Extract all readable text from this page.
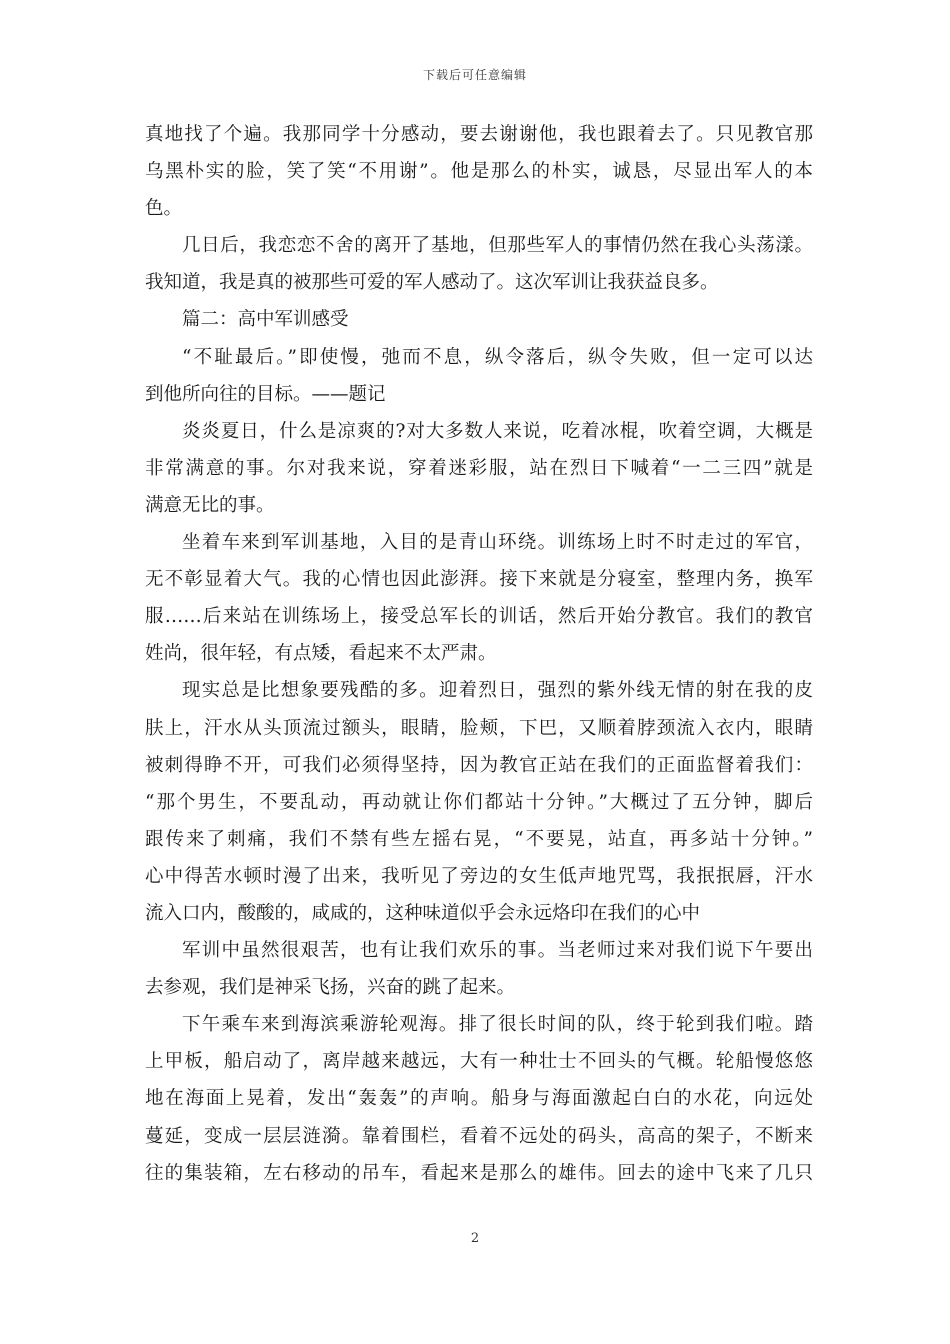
下载后可任意编辑
真地找了个遍。我那同学十分感动，要去谢谢他，我也跟着去了。只见教官那
乌黑朴实的脸，笑了笑“不用谢”。他是那么的朴实，诚恳，尽显出军人的本
色。
几日后，我恋恋不舍的离开了基地，但那些军人的事情仍然在我心头荡漾。
我知道，我是真的被那些可爱的军人感动了。这次军训让我获益良多。
篇二：高中军训感受
“不耻最后。”即使慢，弛而不息，纵令落后，纵令失败，但一定可以达
到他所向往的目标。——题记
炎炎夏日，什么是凉爽的?对大多数人来说，吃着冰棍，吹着空调，大概是
非常满意的事。尔对我来说，穿着迷彩服，站在烈日下喊着“一二三四”就是
满意无比的事。
坐着车来到军训基地，入目的是青山环绕。训练场上时不时走过的军官，
无不彰显着大气。我的心情也因此澎湃。接下来就是分寝室，整理内务，换军
服……后来站在训练场上，接受总军长的训话，然后开始分教官。我们的教官
姓尚，很年轻，有点矮，看起来不太严肃。
现实总是比想象要残酷的多。迎着烈日，强烈的紫外线无情的射在我的皮
肤上，汗水从头顶流过额头，眼睛，脸颊，下巴，又顺着脖颈流入衣内，眼睛
被刺得睁不开，可我们必须得坚持，因为教官正站在我们的正面监督着我们：
“那个男生，不要乱动，再动就让你们都站十分钟。”大概过了五分钟，脚后
跟传来了刺痛，我们不禁有些左摇右晃，“不要晃，站直，再多站十分钟。”
心中得苦水顿时漫了出来，我听见了旁边的女生低声地咒骂，我抿抿唇，汗水
流入口内，酸酸的，咸咸的，这种味道似乎会永远烙印在我们的心中
军训中虽然很艰苦，也有让我们欢乐的事。当老师过来对我们说下午要出
去参观，我们是神采飞扬，兴奋的跳了起来。
下午乘车来到海滨乘游轮观海。排了很长时间的队，终于轮到我们啦。踏
上甲板，船启动了，离岸越来越远，大有一种壮士不回头的气概。轮船慢悠悠
地在海面上晃着，发出“轰轰”的声响。船身与海面激起白白的水花，向远处
蔓延，变成一层层涟漪。靠着围栏，看着不远处的码头，高高的架子，不断来
往的集装箱，左右移动的吊车，看起来是那么的雄伟。回去的途中飞来了几只
2
